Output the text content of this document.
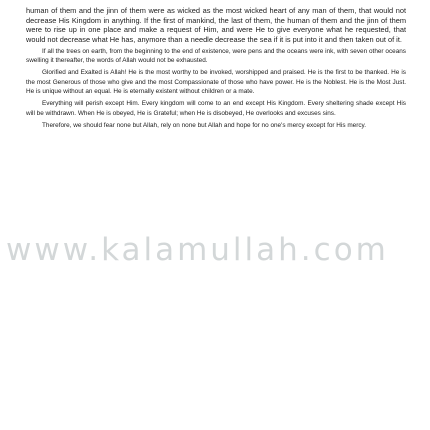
human of them and the jinn of them were as wicked as the most wicked heart of any man of them, that would not decrease His Kingdom in anything. If the first of mankind, the last of them, the human of them and the jinn of them were to rise up in one place and make a request of Him, and were He to give everyone what he requested, that would not decrease what He has, anymore than a needle decrease the sea if it is put into it and then taken out of it.

If all the trees on earth, from the beginning to the end of existence, were pens and the oceans were ink, with seven other oceans swelling it thereafter, the words of Allah would not be exhausted.

Glorified and Exalted is Allah! He is the most worthy to be invoked, worshipped and praised. He is the first to be thanked. He is the most Generous of those who give and the most Compassionate of those who have power. He is the Noblest. He is the Most Just. He is unique without an equal. He is eternally existent without children or a mate.

Everything will perish except Him. Every kingdom will come to an end except His Kingdom. Every sheltering shade except His will be withdrawn. When He is obeyed, He is Grateful; when He is disobeyed, He overlooks and excuses sins.

Therefore, we should fear none but Allah, rely on none but Allah and hope for no one's mercy except for His mercy.

www.kalamullah.com
